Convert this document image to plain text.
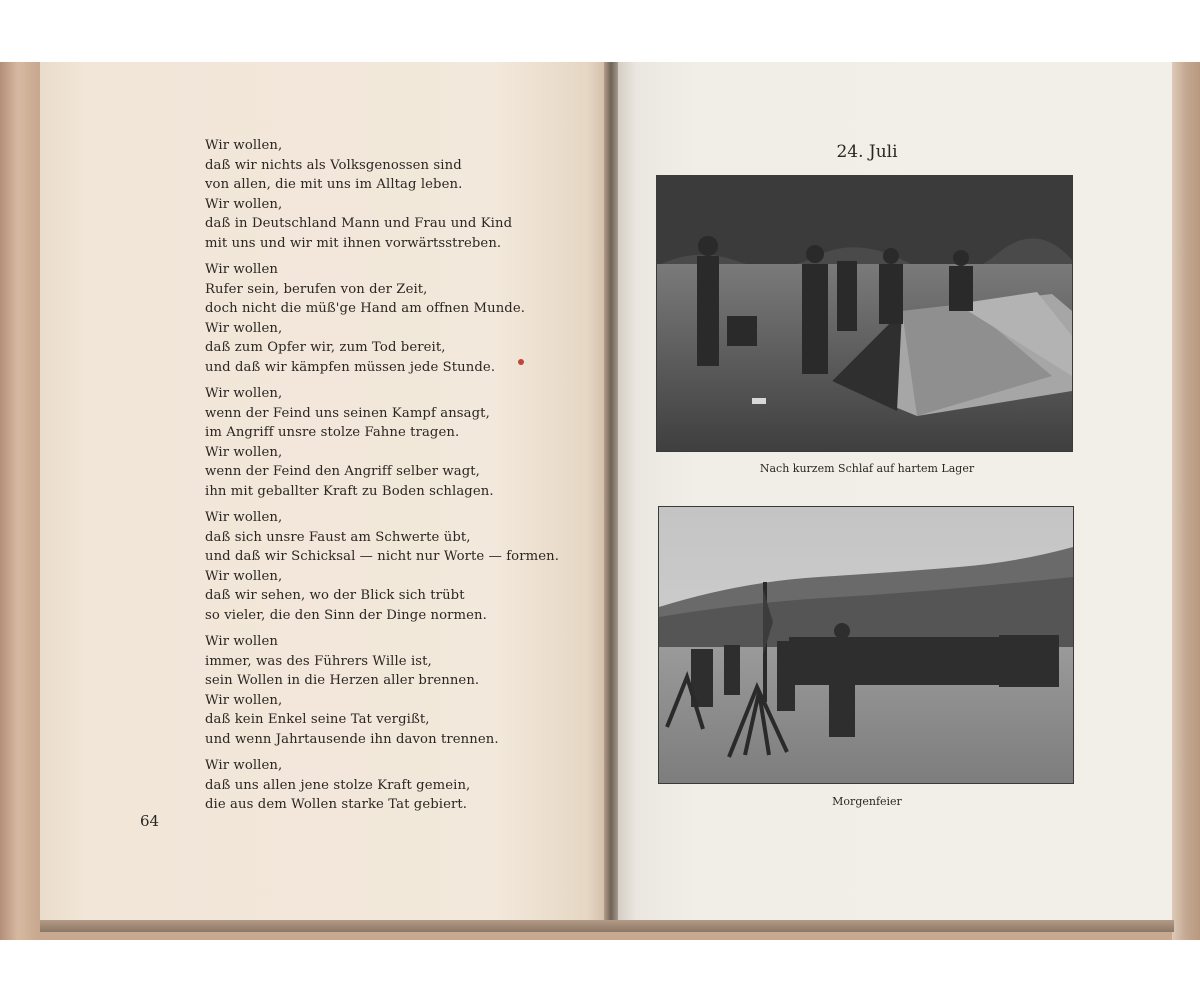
Wir wollen,
daß wir nichts als Volksgenossen sind
von allen, die mit uns im Alltag leben.
Wir wollen,
daß in Deutschland Mann und Frau und Kind
mit uns und wir mit ihnen vorwärtsstreben.
Wir wollen
Rufer sein, berufen von der Zeit,
doch nicht die müß'ge Hand am offnen Munde.
Wir wollen,
daß zum Opfer wir, zum Tod bereit,
und daß wir kämpfen müssen jede Stunde.
Wir wollen,
wenn der Feind uns seinen Kampf ansagt,
im Angriff unsre stolze Fahne tragen.
Wir wollen,
wenn der Feind den Angriff selber wagt,
ihn mit geballter Kraft zu Boden schlagen.
Wir wollen,
daß sich unsre Faust am Schwerte übt,
und daß wir Schicksal — nicht nur Worte — formen.
Wir wollen,
daß wir sehen, wo der Blick sich trübt
so vieler, die den Sinn der Dinge normen.
Wir wollen
immer, was des Führers Wille ist,
sein Wollen in die Herzen aller brennen.
Wir wollen,
daß kein Enkel seine Tat vergißt,
und wenn Jahrtausende ihn davon trennen.
Wir wollen,
daß uns allen jene stolze Kraft gemein,
die aus dem Wollen starke Tat gebiert.
64
24. Juli
Nach kurzem Schlaf auf hartem Lager
Morgenfeier
